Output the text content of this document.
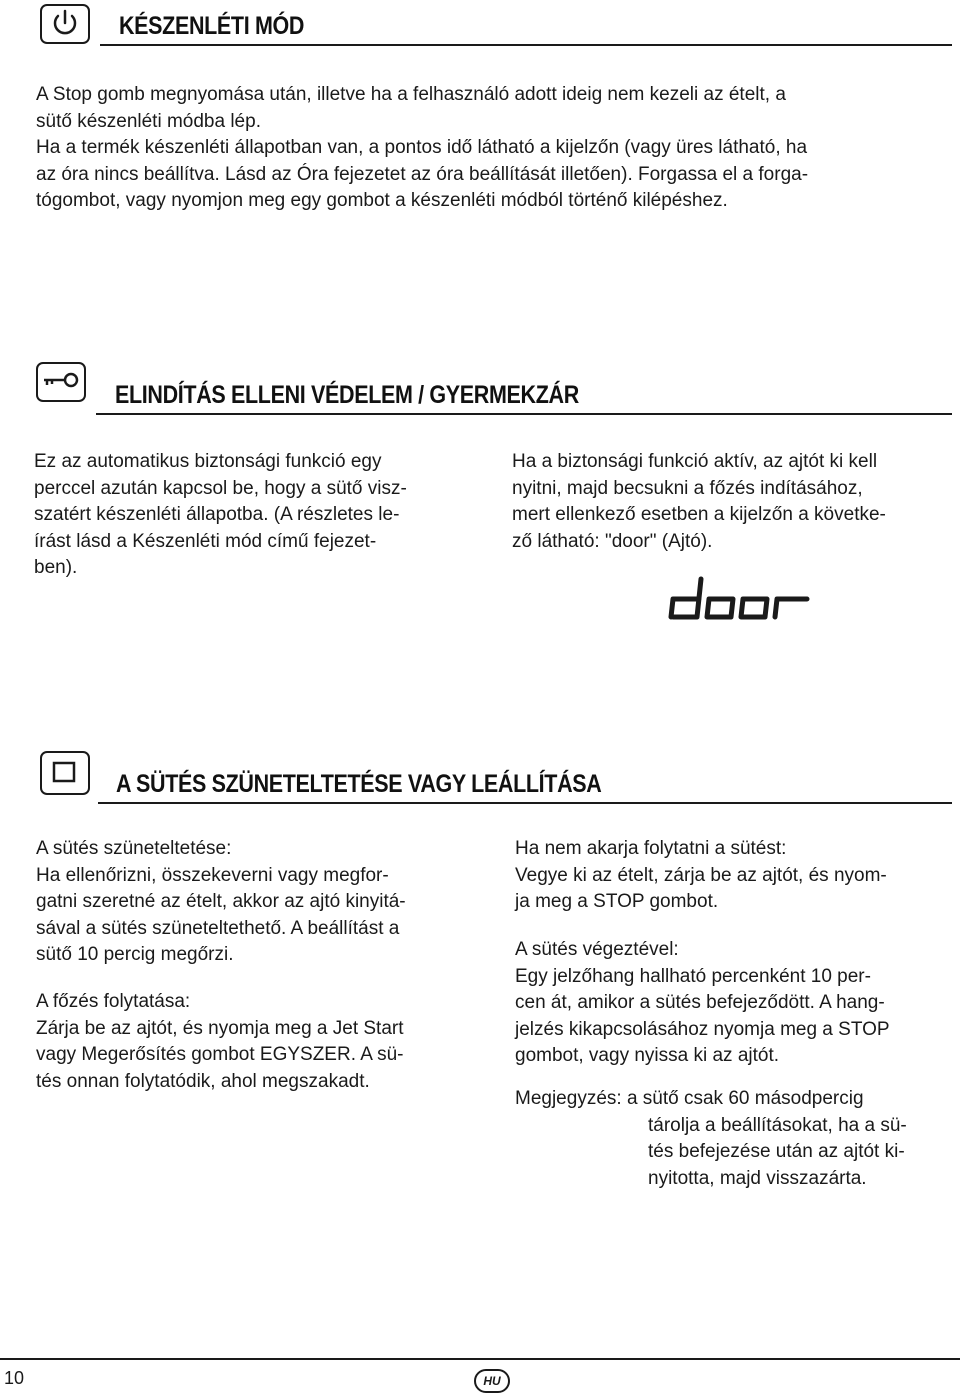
KÉSZENLÉTI MÓD
A Stop gomb megnyomása után, illetve ha a felhasználó adott ideig nem kezeli az ételt, a
sütő készenléti módba lép.
Ha a termék készenléti állapotban van, a pontos idő látható a kijelzőn (vagy üres látható, ha
az óra nincs beállítva. Lásd az Óra fejezetet az óra beállítását illetően). Forgassa el a forga-
tógombot, vagy nyomjon meg egy gombot a készenléti módból történő kilépéshez.
ELINDÍTÁS ELLENI VÉDELEM / GYERMEKZÁR
Ez az automatikus biztonsági funkció egy
perccel azután kapcsol be, hogy a sütő visz-
szatért készenléti állapotba. (A részletes le-
írást lásd a Készenléti mód című fejezet-
ben).
Ha a biztonsági funkció aktív, az ajtót ki kell
nyitni, majd becsukni a főzés indításához,
mert ellenkező esetben a kijelzőn a követke-
ző látható: "door" (Ajtó).
A SÜTÉS SZÜNETELTETÉSE VAGY LEÁLLÍTÁSA
A sütés szüneteltetése:
Ha ellenőrizni, összekeverni vagy megfor-
gatni szeretné az ételt, akkor az ajtó kinyitá-
sával a sütés szüneteltethető. A beállítást a
sütő 10 percig megőrzi.
A főzés folytatása:
Zárja be az ajtót, és nyomja meg a Jet Start
vagy Megerősítés gombot EGYSZER. A sü-
tés onnan folytatódik, ahol megszakadt.
Ha nem akarja folytatni a sütést:
Vegye ki az ételt, zárja be az ajtót, és nyom-
ja meg a STOP gombot.
A sütés végeztével:
Egy jelzőhang hallható percenként 10 per-
cen át, amikor a sütés befejeződött. A hang-
jelzés kikapcsolásához nyomja meg a STOP
gombot, vagy nyissa ki az ajtót.
Megjegyzés: a sütő csak 60 másodpercig
tárolja a beállításokat, ha a sü-
tés befejezése után az ajtót ki-
nyitotta, majd visszazárta.
10	HU
